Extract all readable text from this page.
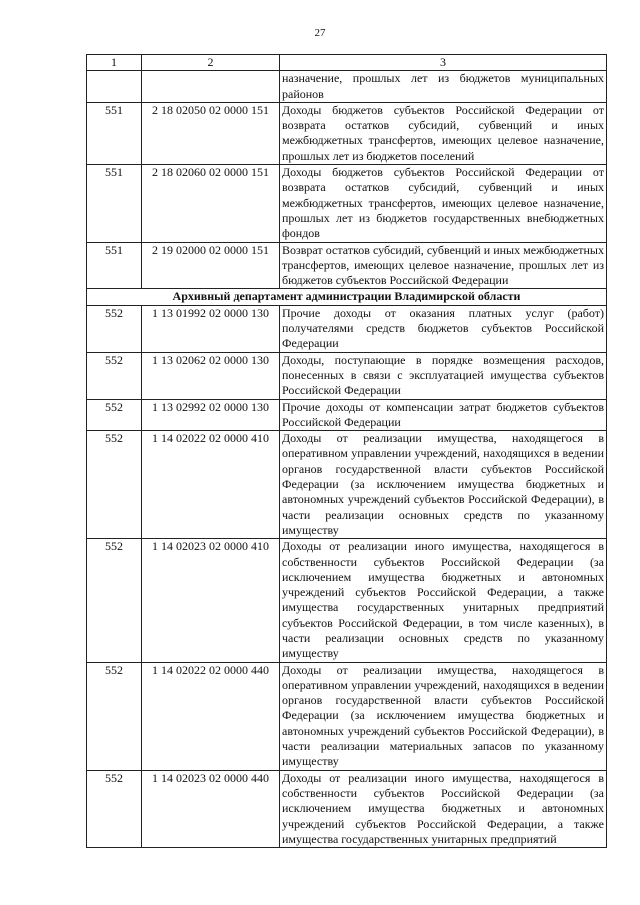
27
1	2	3
		назначение, прошлых лет из бюджетов муниципальных районов
551	2 18 02050 02 0000 151	Доходы бюджетов субъектов Российской Федерации от возврата остатков субсидий, субвенций и иных межбюджетных трансфертов, имеющих целевое назначение, прошлых лет из бюджетов поселений
551	2 18 02060 02 0000 151	Доходы бюджетов субъектов Российской Федерации от возврата остатков субсидий, субвенций и иных межбюджетных трансфертов, имеющих целевое назначение, прошлых лет из бюджетов государственных внебюджетных фондов
551	2 19 02000 02 0000 151	Возврат остатков субсидий, субвенций и иных межбюджетных трансфертов, имеющих целевое назначение, прошлых лет из бюджетов субъектов Российской Федерации
Архивный департамент администрации Владимирской области		
552	1 13 01992 02 0000 130	Прочие доходы от оказания платных услуг (работ) получателями средств бюджетов субъектов Российской Федерации
552	1 13 02062 02 0000 130	Доходы, поступающие в порядке возмещения расходов, понесенных в связи с эксплуатацией имущества субъектов Российской Федерации
552	1 13 02992 02 0000 130	Прочие доходы от компенсации затрат бюджетов субъектов Российской Федерации
552	1 14 02022 02 0000 410	Доходы от реализации имущества, находящегося в оперативном управлении учреждений, находящихся в ведении органов государственной власти субъектов Российской Федерации (за исключением имущества бюджетных и автономных учреждений субъектов Российской Федерации), в части реализации основных средств по указанному имуществу
552	1 14 02023 02 0000 410	Доходы от реализации иного имущества, находящегося в собственности субъектов Российской Федерации (за исключением имущества бюджетных и автономных учреждений субъектов Российской Федерации, а также имущества государственных унитарных предприятий субъектов Российской Федерации, в том числе казенных), в части реализации основных средств по указанному имуществу
552	1 14 02022 02 0000 440	Доходы от реализации имущества, находящегося в оперативном управлении учреждений, находящихся в ведении органов государственной власти субъектов Российской Федерации (за исключением имущества бюджетных и автономных учреждений субъектов Российской Федерации), в части реализации материальных запасов по указанному имуществу
552	1 14 02023 02 0000 440	Доходы от реализации иного имущества, находящегося в собственности субъектов Российской Федерации (за исключением имущества бюджетных и автономных учреждений субъектов Российской Федерации, а также имущества государственных унитарных предприятий
